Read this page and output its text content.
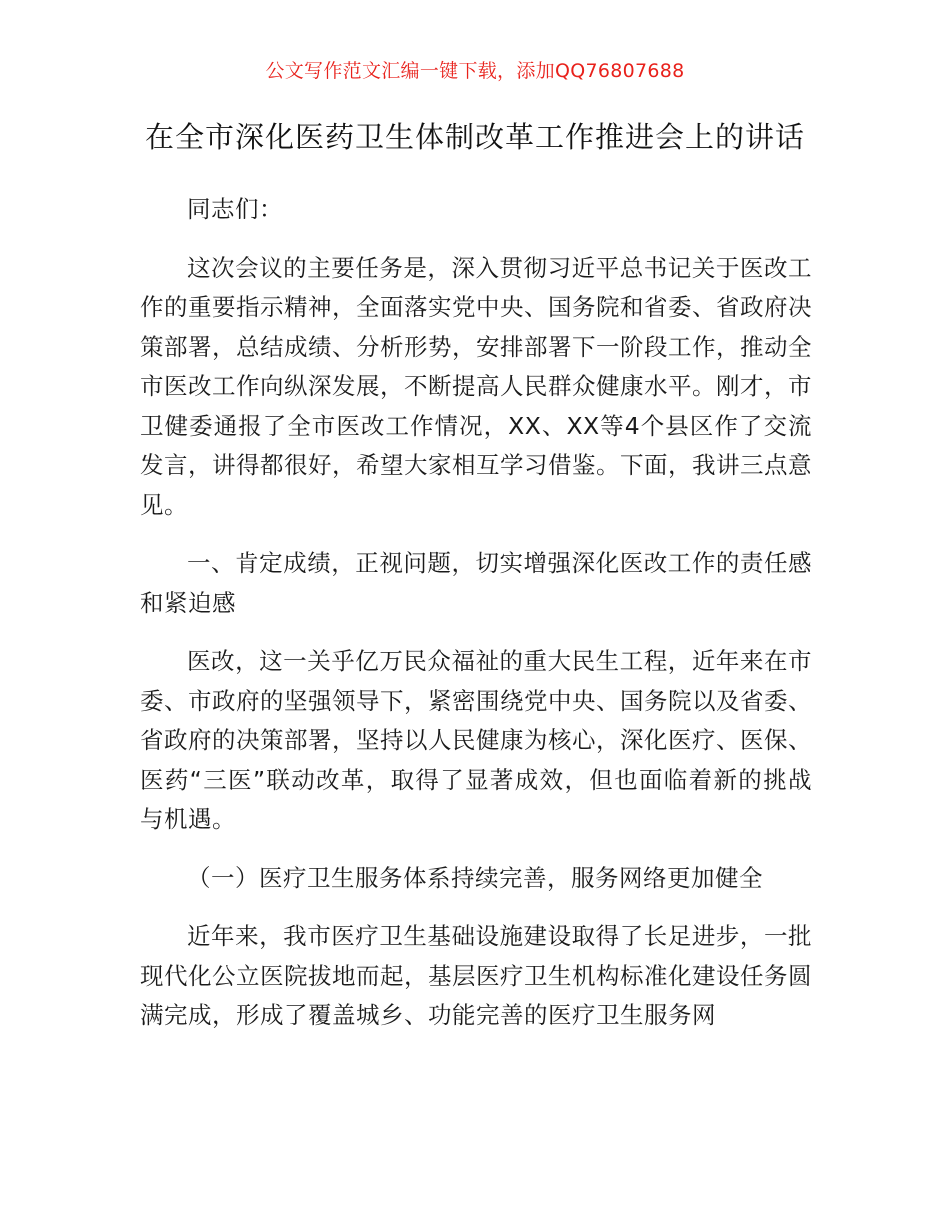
公文写作范文汇编一键下载，添加QQ76807688
在全市深化医药卫生体制改革工作推进会上的讲话

同志们：

这次会议的主要任务是，深入贯彻习近平总书记关于医改工作的重要指示精神，全面落实党中央、国务院和省委、省政府决策部署，总结成绩、分析形势，安排部署下一阶段工作，推动全市医改工作向纵深发展，不断提高人民群众健康水平。刚才，市卫健委通报了全市医改工作情况，XX、XX等4个县区作了交流发言，讲得都很好，希望大家相互学习借鉴。下面，我讲三点意见。

一、肯定成绩，正视问题，切实增强深化医改工作的责任感和紧迫感

医改，这一关乎亿万民众福祉的重大民生工程，近年来在市委、市政府的坚强领导下，紧密围绕党中央、国务院以及省委、省政府的决策部署，坚持以人民健康为核心，深化医疗、医保、医药“三医”联动改革，取得了显著成效，但也面临着新的挑战与机遇。

（一）医疗卫生服务体系持续完善，服务网络更加健全

近年来，我市医疗卫生基础设施建设取得了长足进步，一批现代化公立医院拔地而起，基层医疗卫生机构标准化建设任务圆满完成，形成了覆盖城乡、功能完善的医疗卫生服务网
